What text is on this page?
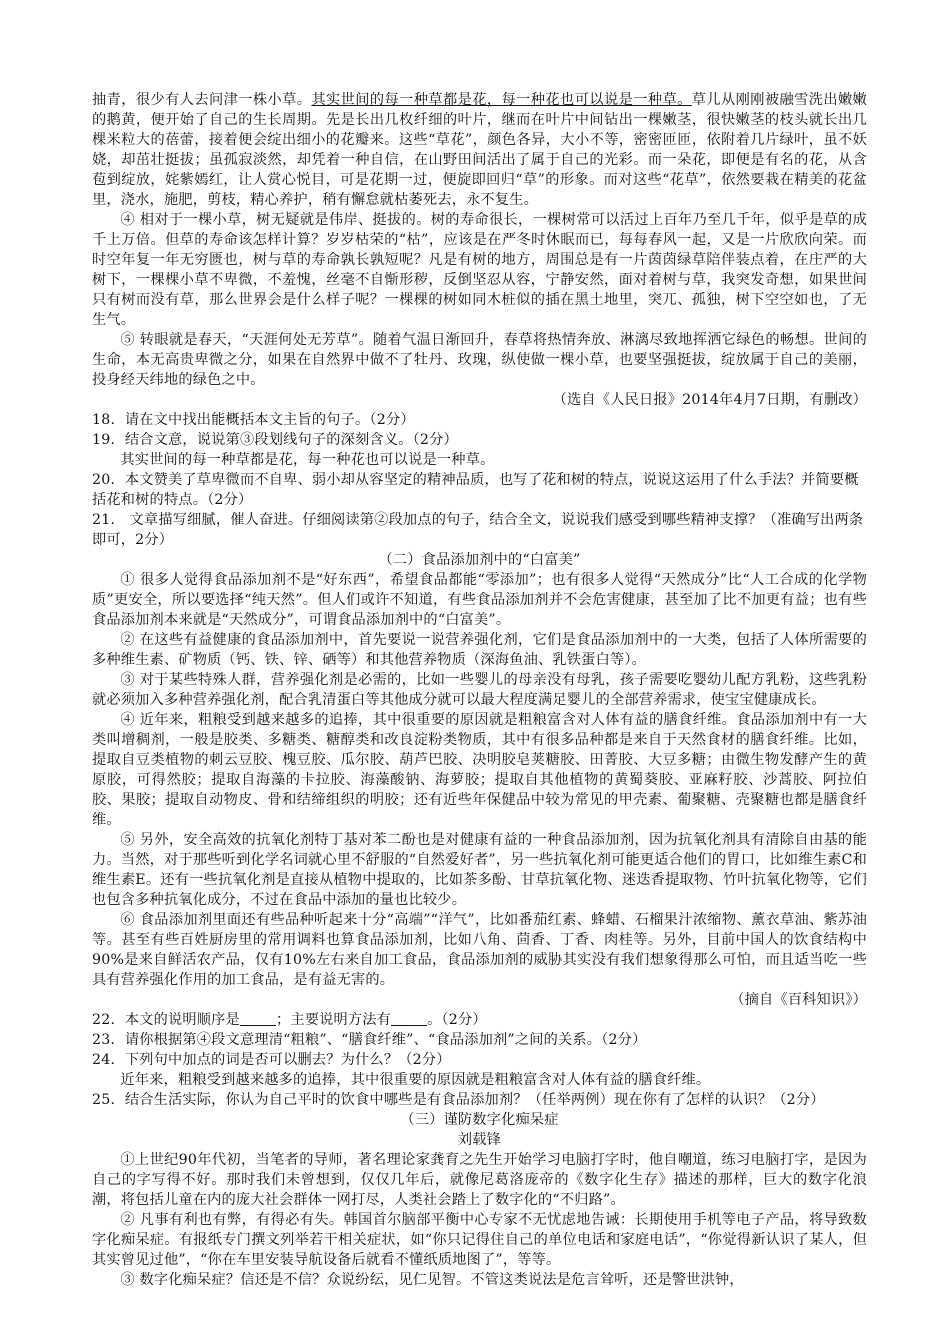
抽青，很少有人去问津一株小草。其实世间的每一种草都是花，每一种花也可以说是一种草。草儿从刚刚被融雪洗出嫩嫩的鹅黄，便开始了自己的生长周期。先是长出几枚纤细的叶片，继而在叶片中间钻出一棵嫩茎，很快嫩茎的枝头就长出几棵米粒大的蓓蕾，接着便会绽出细小的花瓣来。这些“草花”，颜色各异，大小不等，密密匝匝，依附着几片绿叶，虽不妖娆，却茁壮挺拔；虽孤寂淡然，却凭着一种自信，在山野田间活出了属于自己的光彩。而一朵花，即便是有名的花，从含苞到绽放，姹紫嫣红，让人赏心悦目，可是花期一过，便旋即回归“草”的形象。而对这些“花草”，依然要栽在精美的花盆里，浇水，施肥，剪枝，精心养护，稍有懈怠就枯萎死去，永不复生。

④ 相对于一棵小草，树无疑就是伟岸、挺拔的。树的寿命很长，一棵树常可以活过上百年乃至几千年，似乎是草的成千上万倍。但草的寿命该怎样计算？岁岁枯荣的“枯”，应该是在严冬时休眠而已，每每春风一起，又是一片欣欣向荣。而时空年复一年无穷匮也，树与草的寿命孰长孰短呢？凡是有树的地方，周围总是有一片茵茵绿草陪伴装点着，在庄严的大树下，一棵棵小草不卑微，不羞愧，丝毫不自惭形秽，反倒坚忍从容，宁静安然，面对着树与草，我突发奇想，如果世间只有树而没有草，那么世界会是什么样子呢？一棵棵的树如同木桩似的插在黑土地里，突兀、孤独，树下空空如也，了无生气。

⑤ 转眼就是春天，“天涯何处无芳草”。随着气温日渐回升，春草将热情奔放、淋漓尽致地挥洒它绿色的畅想。世间的生命，本无高贵卑微之分，如果在自然界中做不了牡丹、玫瑰，纵使做一棵小草，也要坚强挺拔，绽放属于自己的美丽，投身经天纬地的绿色之中。

（选自《人民日报》2014年4月7日期，有删改）

18．请在文中找出能概括本文主旨的句子。（2分）

19．结合文意，说说第③段划线句子的深刻含义。（2分）

其实世间的每一种草都是花，每一种花也可以说是一种草。

20．本文赞美了草卑微而不自卑、弱小却从容坚定的精神品质，也写了花和树的特点，说说这运用了什么手法？并简要概括花和树的特点。（2分）

21． 文章描写细腻，催人奋进。仔细阅读第②段加点的句子，结合全文，说说我们感受到哪些精神支撑？（准确写出两条即可，2分）

（二）食品添加剂中的“白富美”

① 很多人觉得食品添加剂不是“好东西”，希望食品都能“零添加”；也有很多人觉得“天然成分”比“人工合成的化学物质”更安全，所以要选择“纯天然”。但人们或许不知道，有些食品添加剂并不会危害健康，甚至加了比不加更有益；也有些食品添加剂本来就是“天然成分”，可谓食品添加剂中的“白富美”。

② 在这些有益健康的食品添加剂中，首先要说一说营养强化剂，它们是食品添加剂中的一大类，包括了人体所需要的多种维生素、矿物质（钙、铁、锌、硒等）和其他营养物质（深海鱼油、乳铁蛋白等）。

③ 对于某些特殊人群，营养强化剂是必需的，比如一些婴儿的母亲没有母乳，孩子需要吃婴幼儿配方乳粉，这些乳粉就必须加入多种营养强化剂，配合乳清蛋白等其他成分就可以最大程度满足婴儿的全部营养需求，使宝宝健康成长。

④ 近年来，粗粮受到越来越多的追捧，其中很重要的原因就是粗粮富含对人体有益的膳食纤维。食品添加剂中有一大类叫增稠剂，一般是胶类、多糖类、糖醇类和改良淀粉类物质，其中有很多品种都是来自于天然食材的膳食纤维。比如，提取自豆类植物的刺云豆胶、槐豆胶、瓜尔胶、葫芦巴胶、决明胶皂荚糖胶、田菁胶、大豆多糖；由微生物发酵产生的黄原胶，可得然胶；提取自海藻的卡拉胶、海藻酸钠、海萝胶；提取自其他植物的黄蜀葵胶、亚麻籽胶、沙蒿胶、阿拉伯胶、果胶；提取自动物皮、骨和结缔组织的明胶；还有近些年保健品中较为常见的甲壳素、葡聚糖、壳聚糖也都是膳食纤维。

⑤ 另外，安全高效的抗氧化剂特丁基对苯二酚也是对健康有益的一种食品添加剂，因为抗氧化剂具有清除自由基的能力。当然，对于那些听到化学名词就心里不舒服的“自然爱好者”，另一些抗氧化剂可能更适合他们的胃口，比如维生素C和维生素E。还有一些抗氧化剂是直接从植物中提取的，比如茶多酚、甘草抗氧化物、迷迭香提取物、竹叶抗氧化物等，它们也包含多种抗氧化成分，不过在食品中添加的量也比较少。

⑥ 食品添加剂里面还有些品种听起来十分“高端”“洋气”，比如番茄红素、蜂蜡、石榴果汁浓缩物、薰衣草油、紫苏油等。甚至有些百姓厨房里的常用调料也算食品添加剂，比如八角、茴香、丁香、肉桂等。另外，目前中国人的饮食结构中90%是来自鲜活农产品，仅有10%左右来自加工食品，食品添加剂的威胁其实没有我们想象得那么可怕，而且适当吃一些具有营养强化作用的加工食品，是有益无害的。

（摘自《百科知识》）

22．本文的说明顺序是	；主要说明方法有	。（2分）

23．请你根据第④段文意理清“粗粮”、“膳食纤维”、“食品添加剂”之间的关系。（2分）

24．下列句中加点的词是否可以删去？为什么？（2分）

近年来，粗粮受到越来越多的追捧，其中很重要的原因就是粗粮富含对人体有益的膳食纤维。

25．结合生活实际，你认为自己平时的饮食中哪些是有食品添加剂？（任举两例）现在你有了怎样的认识？（2分）

（三）谨防数字化痴呆症

刘载锋

①上世纪90年代初，当笔者的导师，著名理论家龚育之先生开始学习电脑打字时，他自嘲道，练习电脑打字，是因为自己的字写得不好。那时我们未曾想到，仅仅几年后，就像尼葛洛庞帝的《数字化生存》描述的那样，巨大的数字化浪潮，将包括儿童在内的庞大社会群体一网打尽，人类社会踏上了数字化的“不归路”。

② 凡事有利也有弊，有得必有失。韩国首尔脑部平衡中心专家不无忧虑地告诫：长期使用手机等电子产品，将导致数字化痴呆症。有报纸专门撰文列举若干相关症状，如“你只记得住自己的单位电话和家庭电话”，“你觉得新认识了某人，但其实曾见过他”，“你在车里安装导航设备后就看不懂纸质地图了”，等等。

③ 数字化痴呆症？信还是不信？众说纷纭，见仁见智。不管这类说法是危言耸听，还是警世洪钟，
